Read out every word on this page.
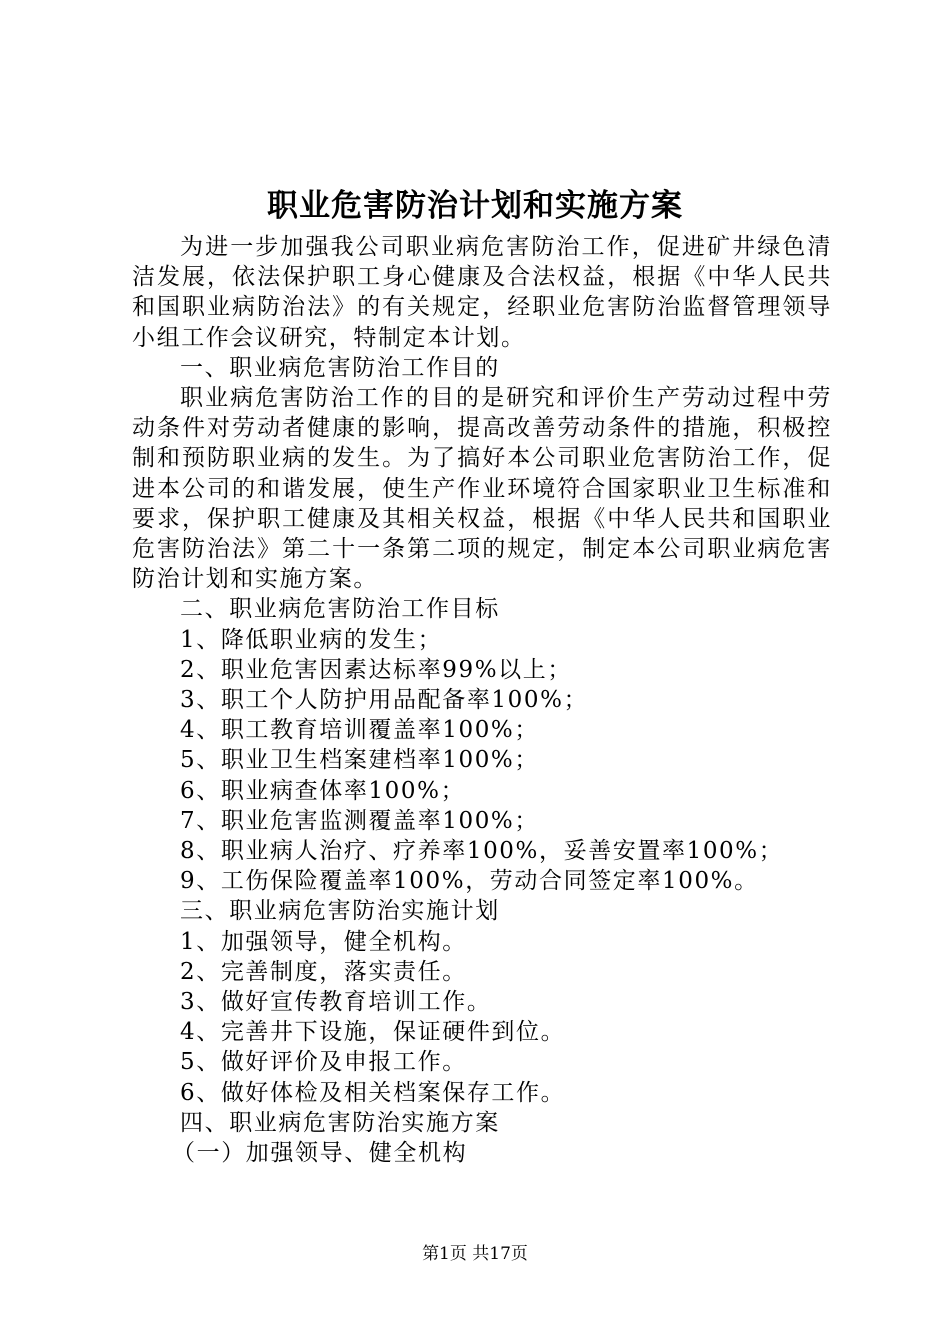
职业危害防治计划和实施方案

为进一步加强我公司职业病危害防治工作，促进矿井绿色清洁发展，依法保护职工身心健康及合法权益，根据《中华人民共和国职业病防治法》的有关规定，经职业危害防治监督管理领导小组工作会议研究，特制定本计划。

一、职业病危害防治工作目的

职业病危害防治工作的目的是研究和评价生产劳动过程中劳动条件对劳动者健康的影响，提高改善劳动条件的措施，积极控制和预防职业病的发生。为了搞好本公司职业危害防治工作，促进本公司的和谐发展，使生产作业环境符合国家职业卫生标准和要求，保护职工健康及其相关权益，根据《中华人民共和国职业危害防治法》第二十一条第二项的规定，制定本公司职业病危害防治计划和实施方案。

二、职业病危害防治工作目标

1、降低职业病的发生；

2、职业危害因素达标率99%以上；

3、职工个人防护用品配备率100%；

4、职工教育培训覆盖率100%；

5、职业卫生档案建档率100%；

6、职业病查体率100%；

7、职业危害监测覆盖率100%；

8、职业病人治疗、疗养率100%，妥善安置率100%；

9、工伤保险覆盖率100%，劳动合同签定率100%。

三、职业病危害防治实施计划

1、加强领导，健全机构。

2、完善制度，落实责任。

3、做好宣传教育培训工作。

4、完善井下设施，保证硬件到位。

5、做好评价及申报工作。

6、做好体检及相关档案保存工作。

四、职业病危害防治实施方案

（一）加强领导、健全机构

第1页 共17页
